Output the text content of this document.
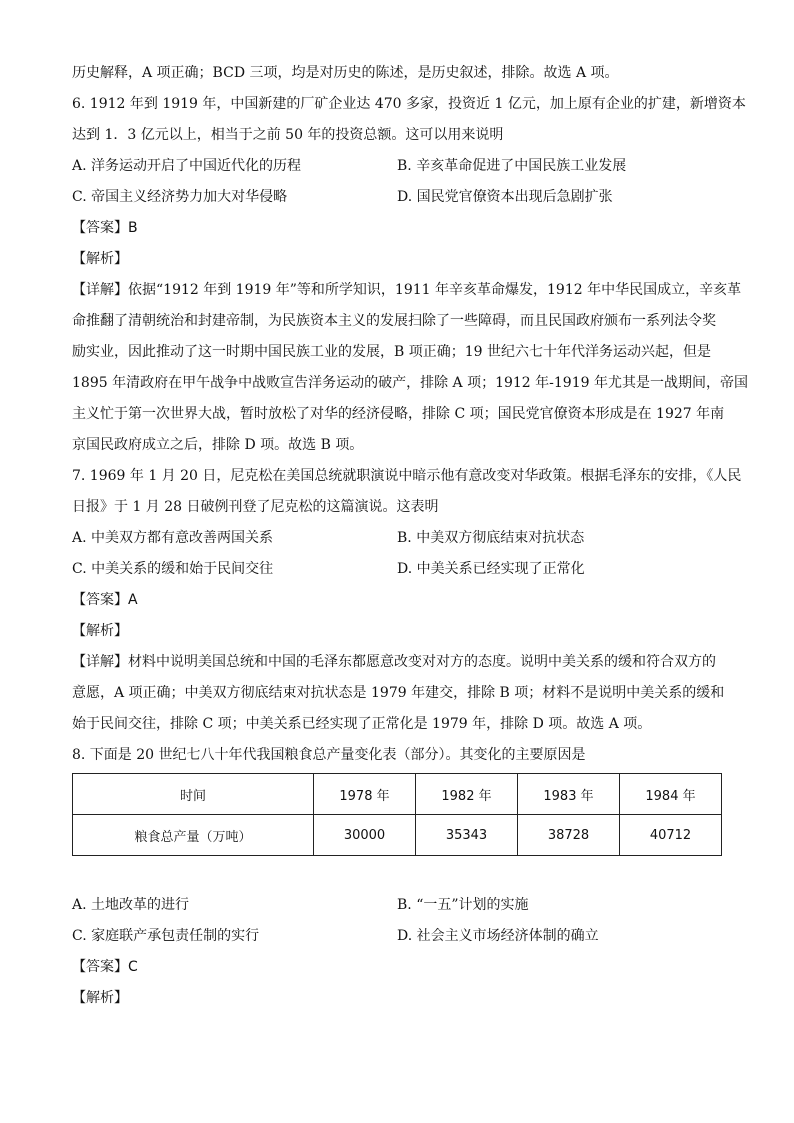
历史解释，A 项正确；BCD 三项，均是对历史的陈述，是历史叙述，排除。故选 A 项。
6. 1912 年到 1919 年，中国新建的厂矿企业达 470 多家，投资近 1 亿元，加上原有企业的扩建，新增资本
达到 1．3 亿元以上，相当于之前 50 年的投资总额。这可以用来说明
A. 洋务运动开启了中国近代化的历程	B. 辛亥革命促进了中国民族工业发展
C. 帝国主义经济势力加大对华侵略	D. 国民党官僚资本出现后急剧扩张
【答案】B
【解析】
【详解】依据“1912 年到 1919 年”等和所学知识，1911 年辛亥革命爆发，1912 年中华民国成立，辛亥革
命推翻了清朝统治和封建帝制，为民族资本主义的发展扫除了一些障碍，而且民国政府颁布一系列法令奖
励实业，因此推动了这一时期中国民族工业的发展，B 项正确；19 世纪六七十年代洋务运动兴起，但是
1895 年清政府在甲午战争中战败宣告洋务运动的破产，排除 A 项；1912 年-1919 年尤其是一战期间，帝国
主义忙于第一次世界大战，暂时放松了对华的经济侵略，排除 C 项；国民党官僚资本形成是在 1927 年南
京国民政府成立之后，排除 D 项。故选 B 项。
7. 1969 年 1 月 20 日，尼克松在美国总统就职演说中暗示他有意改变对华政策。根据毛泽东的安排，《人民
日报》于 1 月 28 日破例刊登了尼克松的这篇演说。这表明
A. 中美双方都有意改善两国关系	B. 中美双方彻底结束对抗状态
C. 中美关系的缓和始于民间交往	D. 中美关系已经实现了正常化
【答案】A
【解析】
【详解】材料中说明美国总统和中国的毛泽东都愿意改变对对方的态度。说明中美关系的缓和符合双方的
意愿，A 项正确；中美双方彻底结束对抗状态是 1979 年建交，排除 B 项；材料不是说明中美关系的缓和
始于民间交往，排除 C 项；中美关系已经实现了正常化是 1979 年，排除 D 项。故选 A 项。
8. 下面是 20 世纪七八十年代我国粮食总产量变化表（部分）。其变化的主要原因是
时间	1978 年	1982 年	1983 年	1984 年
粮食总产量（万吨）	30000	35343	38728	40712
A. 土地改革的进行	B. “一五”计划的实施
C. 家庭联产承包责任制的实行	D. 社会主义市场经济体制的确立
【答案】C
【解析】
